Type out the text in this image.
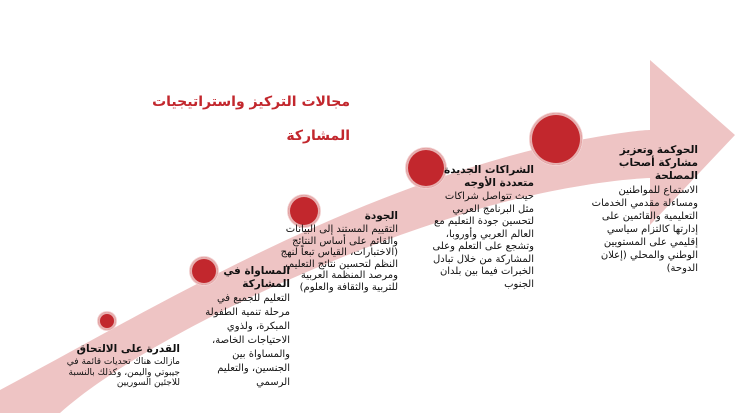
مجالات التركيز واستراتيجيات
المشاركة
القدرة على الالتحاق
مازالت هناك تحديات قائمة في جيبوتي واليمن، وكذلك بالنسبة للاجئين السوريين
المساواة في المشاركة
التعليم للجميع في مرحلة تنمية الطفولة المبكرة، ولذوي الاحتياجات الخاصة، والمساواة بين الجنسين، والتعليم الرسمي
الجودة
التقييم المستند إلى البيانات والقائم على أساس النتائج (الاختبارات، القياس تبعاً لنهج النظم لتحسين نتائج التعليم، ومرصد المنظمة العربية للتربية والثقافة والعلوم)
الشراكات الجديدة متعددة الأوجه
حيث تتواصل شراكات مثل البرنامج العربي لتحسين جودة التعليم مع العالم العربي وأوروبا، وتشجع على التعلم وعلى المشاركة من خلال تبادل الخبرات فيما بين بلدان الجنوب
الحوكمة وتعزيز مشاركة أصحاب المصلحة
الاستماع للمواطنين ومساءلة مقدمي الخدمات التعليمية والقائمين على إدارتها كالتزام سياسي إقليمي على المستويين الوطني والمحلي (إعلان الدوحة)
